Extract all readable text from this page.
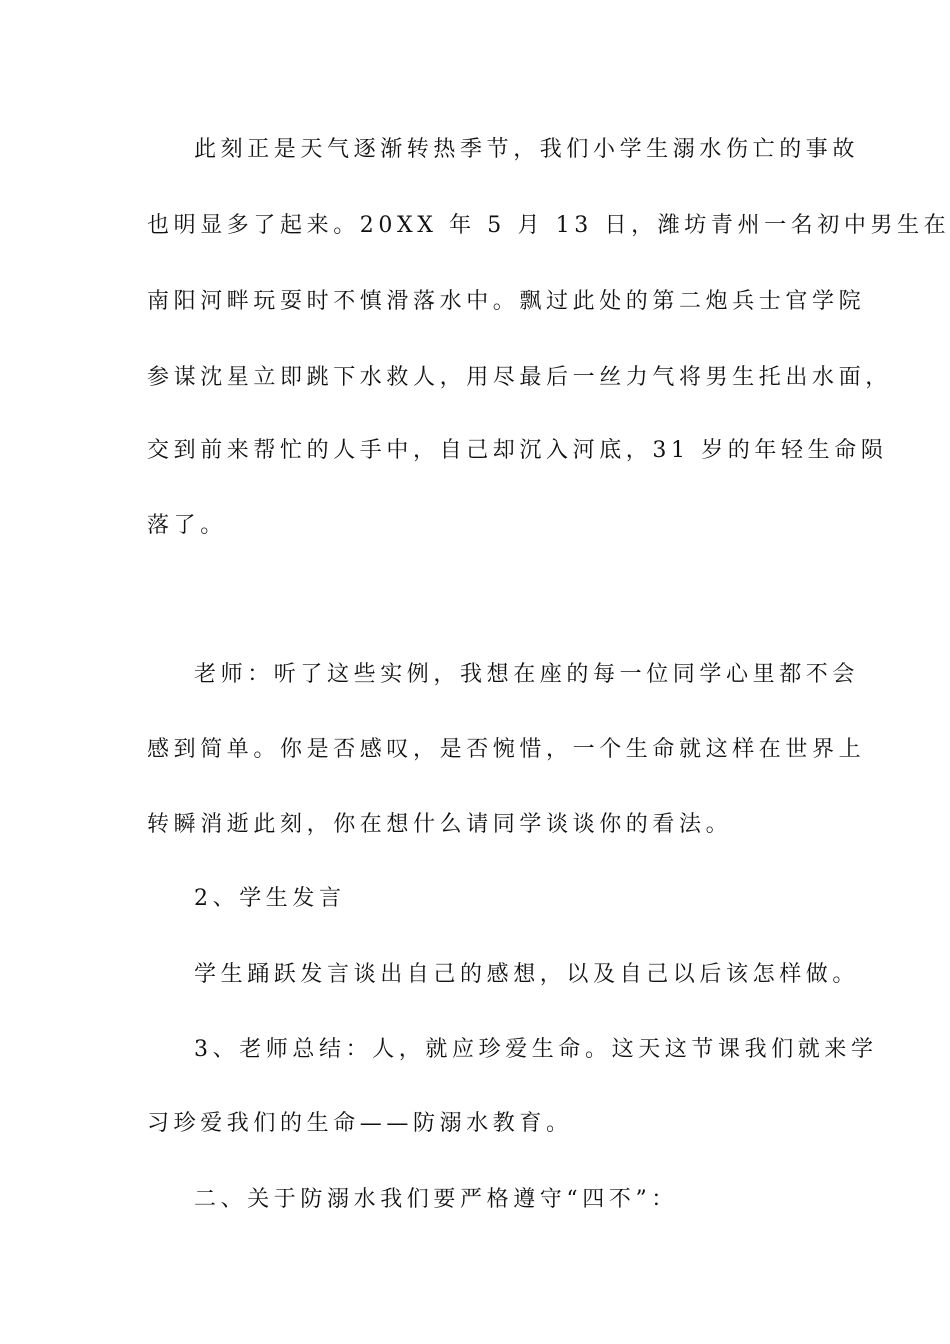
此刻正是天气逐渐转热季节，我们小学生溺水伤亡的事故
也明显多了起来。20XX 年 5 月 13 日，潍坊青州一名初中男生在
南阳河畔玩耍时不慎滑落水中。飘过此处的第二炮兵士官学院
参谋沈星立即跳下水救人，用尽最后一丝力气将男生托出水面，
交到前来帮忙的人手中，自己却沉入河底，31 岁的年轻生命陨
落了。
老师：听了这些实例，我想在座的每一位同学心里都不会
感到简单。你是否感叹，是否惋惜，一个生命就这样在世界上
转瞬消逝此刻，你在想什么请同学谈谈你的看法。
2、学生发言
学生踊跃发言谈出自己的感想，以及自己以后该怎样做。
3、老师总结：人，就应珍爱生命。这天这节课我们就来学
习珍爱我们的生命——防溺水教育。
二、关于防溺水我们要严格遵守“四不”：
